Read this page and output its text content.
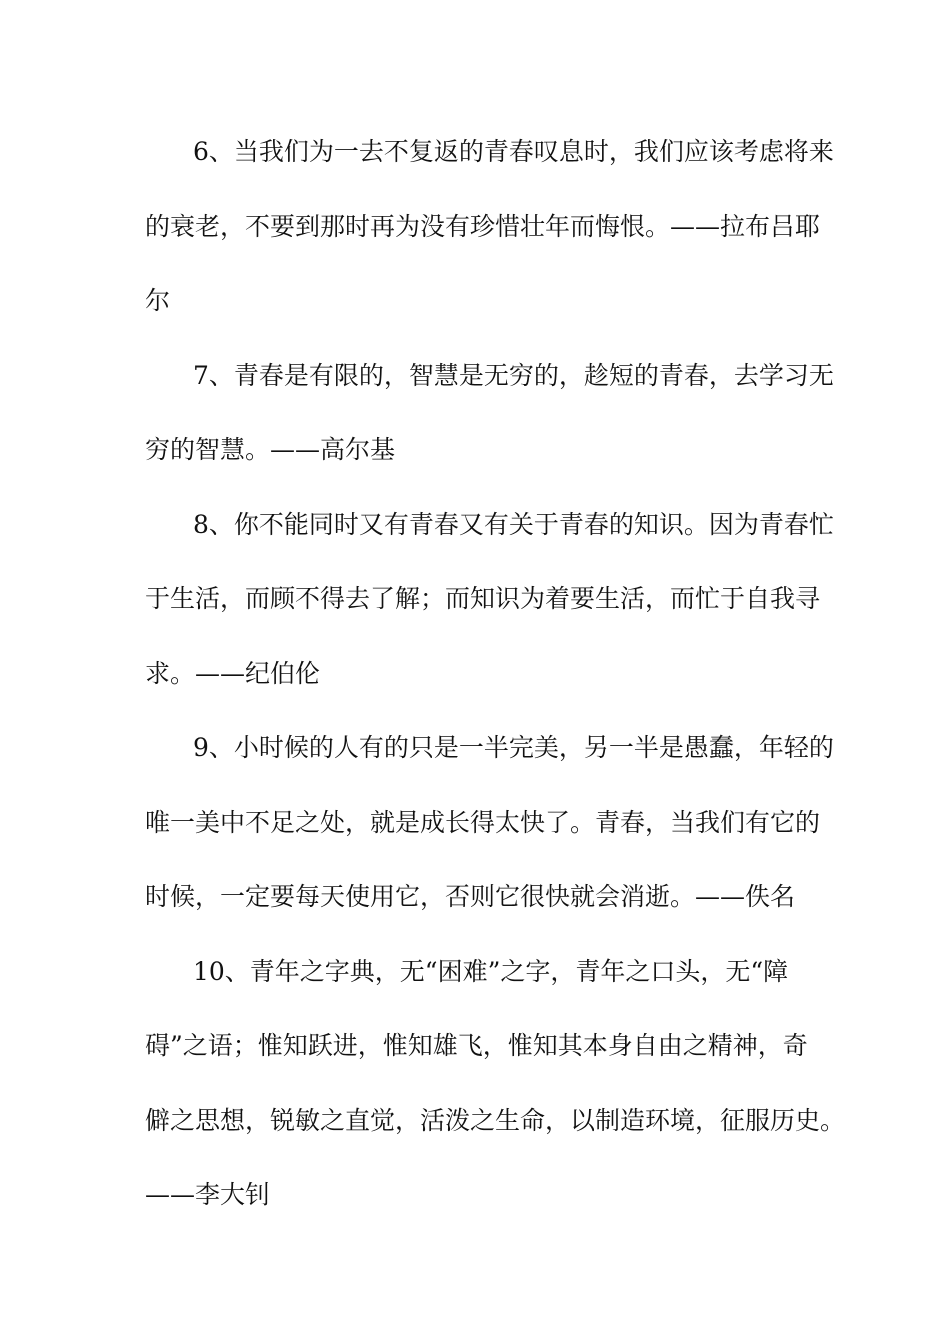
6、当我们为一去不复返的青春叹息时，我们应该考虑将来
的衰老，不要到那时再为没有珍惜壮年而悔恨。——拉布吕耶
尔
7、青春是有限的，智慧是无穷的，趁短的青春，去学习无
穷的智慧。——高尔基
8、你不能同时又有青春又有关于青春的知识。因为青春忙
于生活，而顾不得去了解；而知识为着要生活，而忙于自我寻
求。——纪伯伦
9、小时候的人有的只是一半完美，另一半是愚蠢，年轻的
唯一美中不足之处，就是成长得太快了。青春，当我们有它的
时候，一定要每天使用它，否则它很快就会消逝。——佚名
10、青年之字典，无“困难”之字，青年之口头，无“障
碍”之语；惟知跃进，惟知雄飞，惟知其本身自由之精神，奇
僻之思想，锐敏之直觉，活泼之生命，以制造环境，征服历史。
——李大钊
